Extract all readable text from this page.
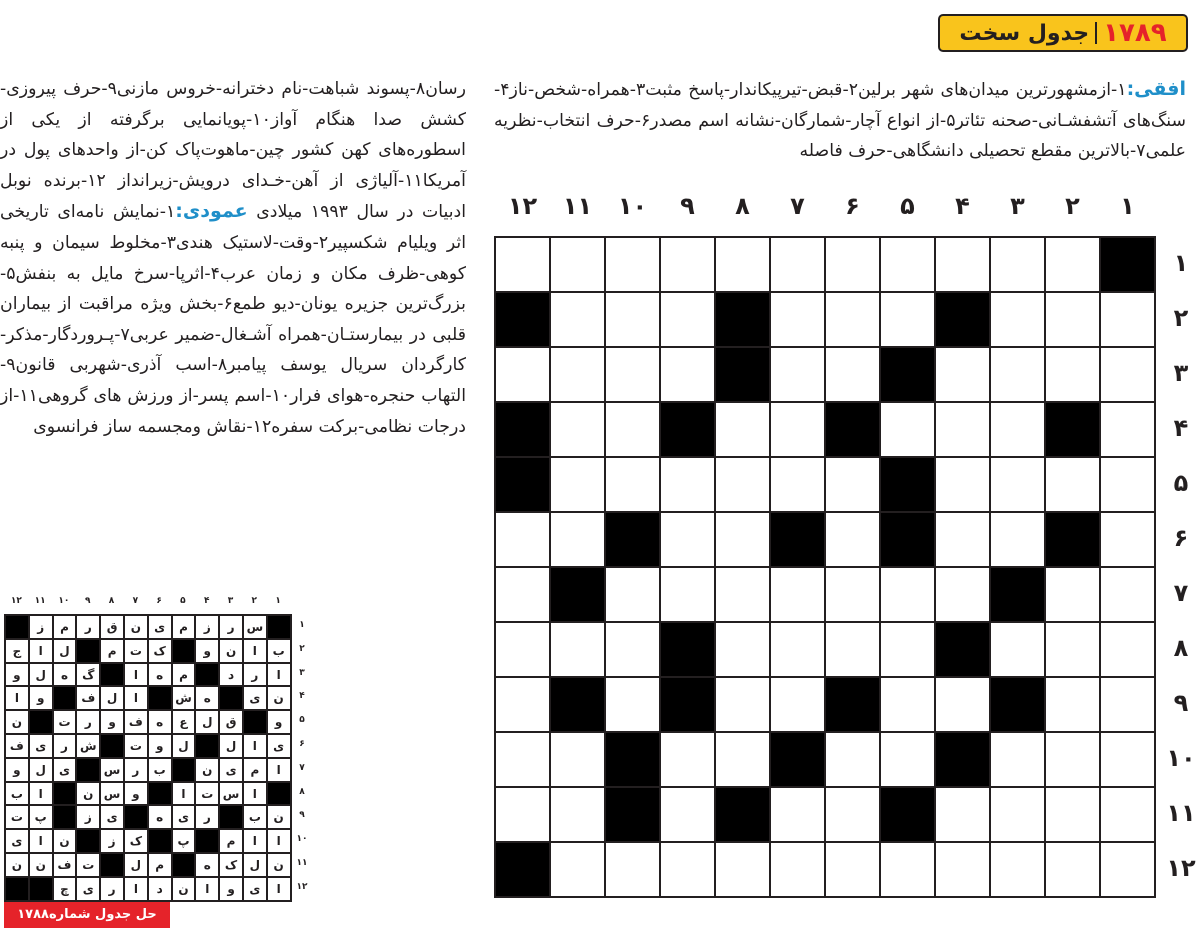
جدول سخت ۱۷۸۹
افقی:۱-ازمشهورترین میدان‌های شهر برلین۲-قبض-تیرپیکاندار-پاسخ مثبت۳-همراه-شخص-ناز۴-سنگ‌های آتشفشـانی-صحنه تئاتر۵-از انواع آچار-شمارگان-نشانه اسم مصدر۶-حرف انتخاب-نظریه علمی۷-بالاترین مقطع تحصیلی دانشگاهی-حرف فاصله
رسان۸-پسوند شباهت-نام دخترانه-خروس مازنی۹-حرف پیروزی-کشش صدا هنگام آواز۱۰-پویانمایی برگرفته از یکی از اسطوره‌های کهن کشور چین-ماهوت‌پاک کن-از واحدهای پول در آمریکا۱۱-آلیاژی از آهن-خـدای درویش-زیرانداز ۱۲-برنده نوبل ادبیات در سال ۱۹۹۳ میلادی عمودی:۱-نمایش نامه‌ای تاریخی اثر ویلیام شکسپیر۲-وقت-لاستیک هندی۳-مخلوط سیمان و پنبه کوهی-ظرف مکان و زمان عرب۴-اثرپا-سرخ مایل به بنفش۵-بزرگ‌ترین جزیره یونان-دیو طمع۶-بخش ویژه مراقبت از بیماران قلبی در بیمارستـان-همراه آشـغال-ضمیر عربی۷-پـروردگار-مذکر-کارگردان سریال یوسف پیامبر۸-اسب آذری-شهربی قانون۹-التهاب حنجره-هوای فرار۱۰-اسم پسر-از ورزش های گروهی۱۱-از درجات نظامی-برکت سفره۱۲-نقاش ومجسمه ساز فرانسوی
۱
۲
۳
۴
۵
۶
۷
۸
۹
۱۰
۱۱
۱۲
۱
۲
۳
۴
۵
۶
۷
۸
۹
۱۰
۱۱
۱۲
۱
۲
۳
۴
۵
۶
۷
۸
۹
۱۰
۱۱
۱۲
۱
۲
۳
۴
۵
۶
۷
۸
۹
۱۰
۱۱
۱۲
س
ر
ز
م
ی
ن
ق
ر
م
ز
ب
ا
ن
و
ک
ت
م
ل
ا
ج
ا
ر
د
م
ه
ا
گ
ه
ل
و
ن
ی
ه
ش
ا
ل
ف
و
ا
و
ق
ل
ع
ه
ف
و
ر
ت
ن
ی
ا
ل
ل
و
ت
ش
ر
ی
ف
ا
م
ی
ن
ب
ر
س
ی
ل
و
ا
س
ت
ا
و
س
ن
ا
ب
ن
ب
ر
ی
ه
ی
ز
پ
ت
ا
ا
م
پ
ک
ز
ن
ا
ی
ن
ل
ک
ه
م
ل
ت
ف
ن
ن
ا
ی
و
ا
ن
د
ا
ر
ی
چ
حل جدول شماره۱۷۸۸
